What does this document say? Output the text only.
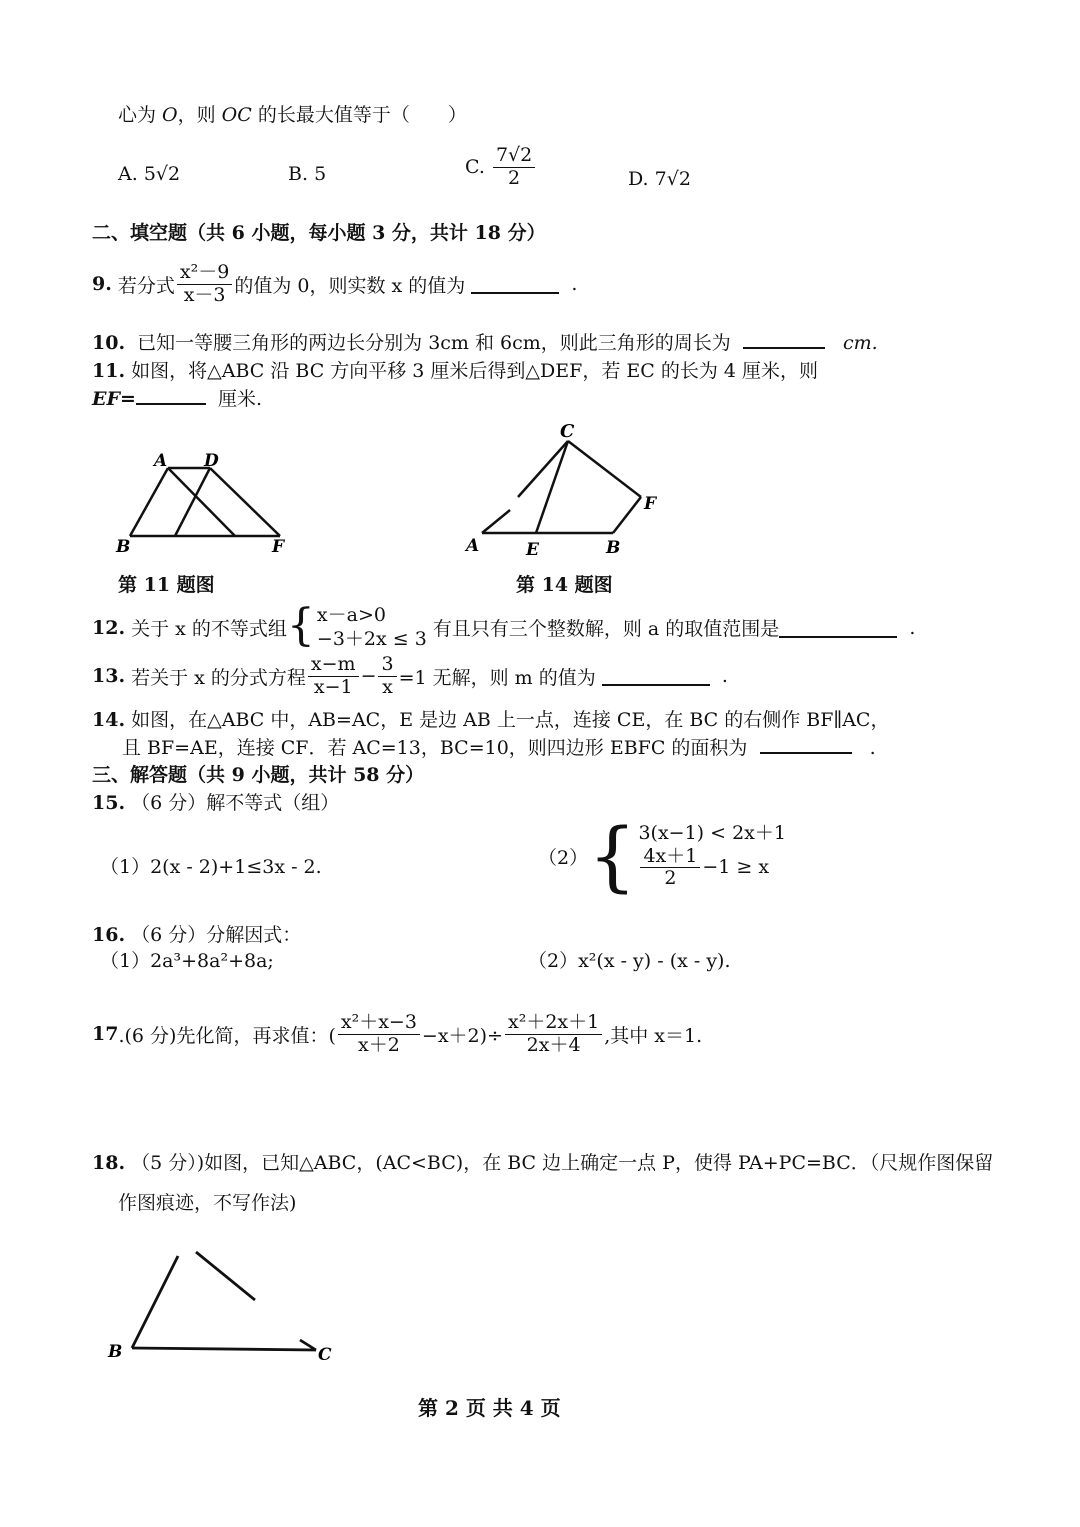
心为 O，则 OC 的长最大值等于（　　）
A. 5√2	B. 5	C.
$\frac{7√2}{2}$	D. 7√2
二、填空题（共 6 小题，每小题 3 分，共计 18 分）
9.
若分式 $\frac{\text{x²－9}}{x-3}$ 的值为 0，则实数 x 的值为

	.
10. 已知一等腰三角形的两边长分别为 3cm 和 6cm，则此三角形的周长为	cm.
11. 如图，将△ABC 沿 BC 方向平移 3 厘米后得到△DEF，若 EC 的长为 4 厘米，则
EF=	厘米.
A D
B	F
第 11 题图
C
F
A	E	B
第 14 题图
12.
关于 x 的不等式组 { x－a>0
−3＋2x ≤ 3
有且只有三个整数解，则 a 的取值范围是
	.
13.
若关于 x 的分式方程 $\frac{x-m}{x-1} - \frac{3}{x} =1$ 无解，则 m 的值为

	.
14. 如图，在△ABC 中，AB=AC，E 是边 AB 上一点，连接 CE，在 BC 的右侧作 BF∥AC，
且 BF=AE，连接 CF．若 AC=13，BC=10，则四边形 EBFC 的面积为	.
三、解答题（共 9 小题，共计 58 分）
15. （6 分）解不等式（组）
（1）2(x - 2)+1≤3x - 2.	（2） { 3(x−1) < 2x＋1
$\frac{4x+1}{2} -1 \ge x$
16. （6 分）分解因式：
（1）2a³+8a²+8a;	（2）x²(x - y) - (x - y).
17 .(6 分)先化简，再求值：( $\frac{\text{x²＋x−3}}{x+2} -x+2)\div \frac{\text{x²＋2x＋1}}{2x+4}$ ,其中 x＝1.
18. （5 分）)如图，已知△ABC，(AC<BC)，在 BC 边上确定一点 P，使得 PA+PC=BC．（尺规作图保留
作图痕迹，不写作法)
B	C
第 2 页 共 4 页
